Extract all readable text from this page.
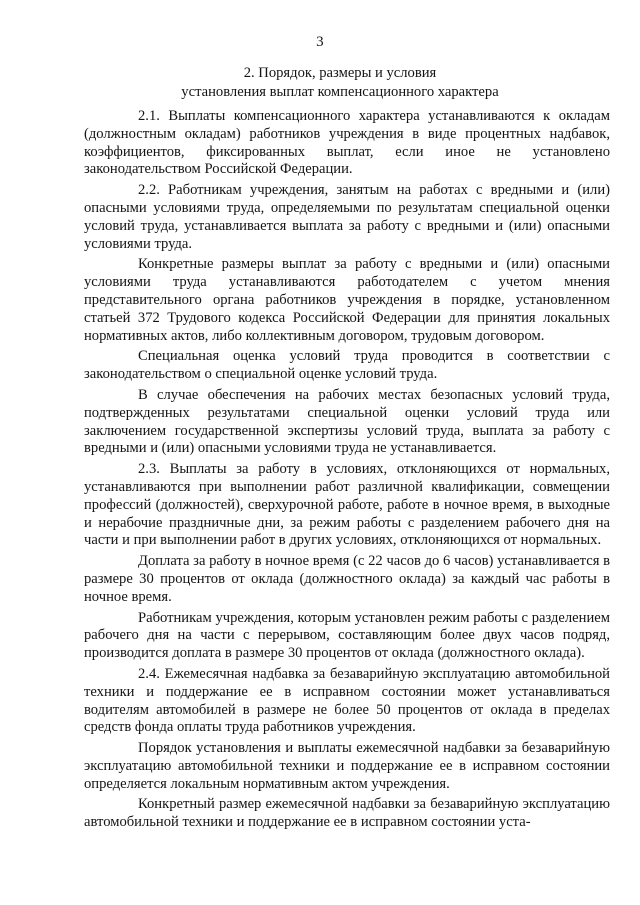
3
2. Порядок, размеры и условия
установления выплат компенсационного характера

2.1. Выплаты компенсационного характера устанавливаются к окладам (должностным окладам) работников учреждения в виде процентных надбавок, коэффициентов, фиксированных выплат, если иное не установлено законодательством Российской Федерации.

2.2. Работникам учреждения, занятым на работах с вредными и (или) опасными условиями труда, определяемыми по результатам специальной оценки условий труда, устанавливается выплата за работу с вредными и (или) опасными условиями труда.

Конкретные размеры выплат за работу с вредными и (или) опасными условиями труда устанавливаются работодателем с учетом мнения представительного органа работников учреждения в порядке, установленном статьей 372 Трудового кодекса Российской Федерации для принятия локальных нормативных актов, либо коллективным договором, трудовым договором.

Специальная оценка условий труда проводится в соответствии с законодательством о специальной оценке условий труда.

В случае обеспечения на рабочих местах безопасных условий труда, подтвержденных результатами специальной оценки условий труда или заключением государственной экспертизы условий труда, выплата за работу с вредными и (или) опасными условиями труда не устанавливается.

2.3. Выплаты за работу в условиях, отклоняющихся от нормальных, устанавливаются при выполнении работ различной квалификации, совмещении профессий (должностей), сверхурочной работе, работе в ночное время, в выходные и нерабочие праздничные дни, за режим работы с разделением рабочего дня на части и при выполнении работ в других условиях, отклоняющихся от нормальных.

Доплата за работу в ночное время (с 22 часов до 6 часов) устанавливается в размере 30 процентов от оклада (должностного оклада) за каждый час работы в ночное время.

Работникам учреждения, которым установлен режим работы с разделением рабочего дня на части с перерывом, составляющим более двух часов подряд, производится доплата в размере 30 процентов от оклада (должностного оклада).

2.4. Ежемесячная надбавка за безаварийную эксплуатацию автомобильной техники и поддержание ее в исправном состоянии может устанавливаться водителям автомобилей в размере не более 50 процентов от оклада в пределах средств фонда оплаты труда работников учреждения.

Порядок установления и выплаты ежемесячной надбавки за безаварийную эксплуатацию автомобильной техники и поддержание ее в исправном состоянии определяется локальным нормативным актом учреждения.

Конкретный размер ежемесячной надбавки за безаварийную эксплуатацию автомобильной техники и поддержание ее в исправном состоянии уста-
